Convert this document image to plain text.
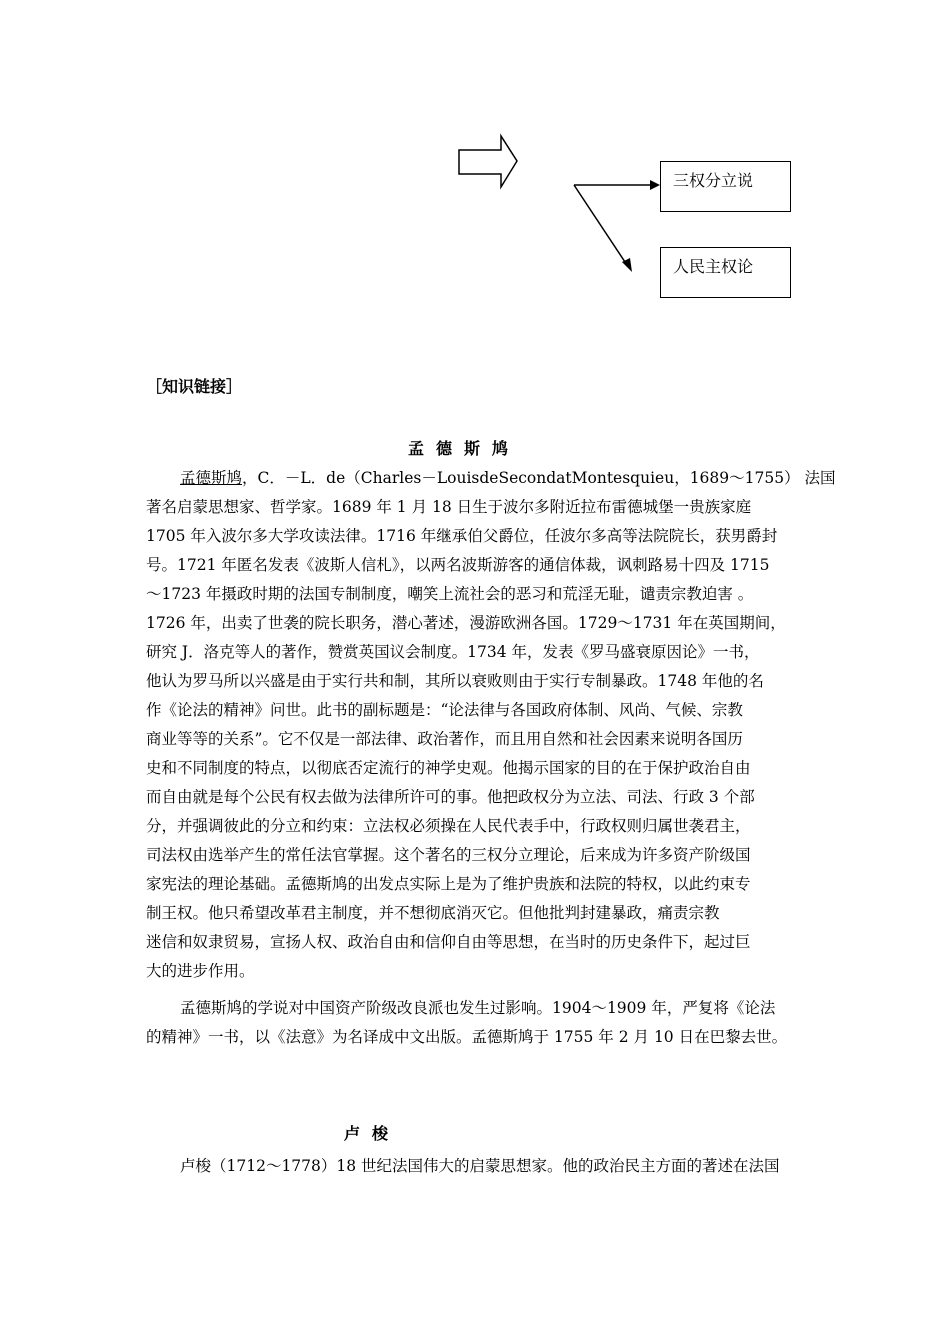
三权分立说
人民主权论
［知识链接］
孟德斯鸠

孟德斯鸠，C．－L．de（Charles－LouisdeSecondatMontesquieu，1689～1755） 法国

著名启蒙思想家、哲学家。1689 年 1 月 18 日生于波尔多附近拉布雷德城堡一贵族家庭

1705 年入波尔多大学攻读法律。1716 年继承伯父爵位，任波尔多高等法院院长，获男爵封

号。1721 年匿名发表《波斯人信札》，以两名波斯游客的通信体裁，讽刺路易十四及 1715

～1723 年摄政时期的法国专制制度，嘲笑上流社会的恶习和荒淫无耻，谴责宗教迫害 。

1726 年，出卖了世袭的院长职务，潜心著述，漫游欧洲各国。1729～1731 年在英国期间，

研究 J．洛克等人的著作，赞赏英国议会制度。1734 年，发表《罗马盛衰原因论》一书，

他认为罗马所以兴盛是由于实行共和制，其所以衰败则由于实行专制暴政。1748 年他的名

作《论法的精神》问世。此书的副标题是：“论法律与各国政府体制、风尚、气候、宗教

商业等等的关系”。它不仅是一部法律、政治著作，而且用自然和社会因素来说明各国历

史和不同制度的特点，以彻底否定流行的神学史观。他揭示国家的目的在于保护政治自由

而自由就是每个公民有权去做为法律所许可的事。他把政权分为立法、司法、行政 3 个部

分，并强调彼此的分立和约束：立法权必须操在人民代表手中，行政权则归属世袭君主，

司法权由选举产生的常任法官掌握。这个著名的三权分立理论，后来成为许多资产阶级国

家宪法的理论基础。孟德斯鸠的出发点实际上是为了维护贵族和法院的特权，以此约束专

制王权。他只希望改革君主制度，并不想彻底消灭它。但他批判封建暴政，痛责宗教

迷信和奴隶贸易，宣扬人权、政治自由和信仰自由等思想，在当时的历史条件下，起过巨

大的进步作用。

孟德斯鸠的学说对中国资产阶级改良派也发生过影响。1904～1909 年，严复将《论法

的精神》一书，以《法意》为名译成中文出版。孟德斯鸠于 1755 年 2 月 10 日在巴黎去世。

卢梭

卢梭（1712～1778）18 世纪法国伟大的启蒙思想家。他的政治民主方面的著述在法国
